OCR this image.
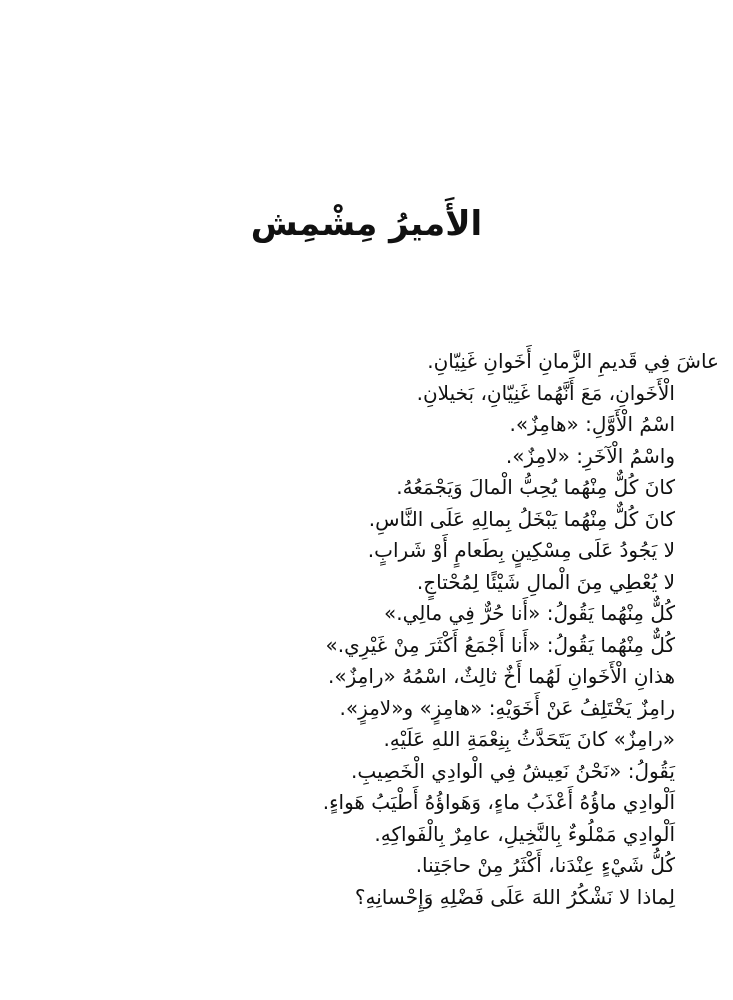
الأَميرُ مِشْمِش
عاشَ فِي قَديمِ الزَّمانِ أَخَوانِ غَنِيّانِ.
الْأَخَوانِ، مَعَ أَنَّهُما غَنِيّانِ، بَخيلانِ.
اسْمُ الْأَوَّلِ: «هامِزٌ».
واسْمُ الْآخَرِ: «لامِزٌ».
كانَ كُلٌّ مِنْهُما يُحِبُّ الْمالَ وَيَجْمَعُهُ.
كانَ كُلٌّ مِنْهُما يَبْخَلُ بِمالِهِ عَلَى النَّاسِ.
لا يَجُودُ عَلَى مِسْكِينٍ بِطَعامٍ أَوْ شَرابٍ.
لا يُعْطِي مِنَ الْمالِ شَيْئًا لِمُحْتاجٍ.
كُلٌّ مِنْهُما يَقُولُ: «أَنا حُرٌّ فِي مالِي.»
كُلٌّ مِنْهُما يَقُولُ: «أَنا أَجْمَعُ أَكْثَرَ مِنْ غَيْرِي.»
هذانِ الْأَخَوانِ لَهُما أَخٌ ثالِثٌ، اسْمُهُ «رامِزٌ».
رامِزٌ يَخْتَلِفُ عَنْ أَخَوَيْهِ: «هامِزٍ» و«لامِزٍ».
«رامِزٌ» كانَ يَتَحَدَّثُ بِنِعْمَةِ اللهِ عَلَيْهِ.
يَقُولُ: «نَحْنُ نَعِيشُ فِي الْوادِي الْخَصِيبِ.
اَلْوادِي ماؤُهُ أَعْذَبُ ماءٍ، وَهَواؤُهُ أَطْيَبُ هَواءٍ.
اَلْوادِي مَمْلُوءٌ بِالنَّخِيلِ، عامِرٌ بِالْفَواكِهِ.
كُلُّ شَيْءٍ عِنْدَنا، أَكْثَرُ مِنْ حاجَتِنا.
لِماذا لا نَشْكُرُ اللهَ عَلَى فَضْلِهِ وَإِحْسانِهِ؟
